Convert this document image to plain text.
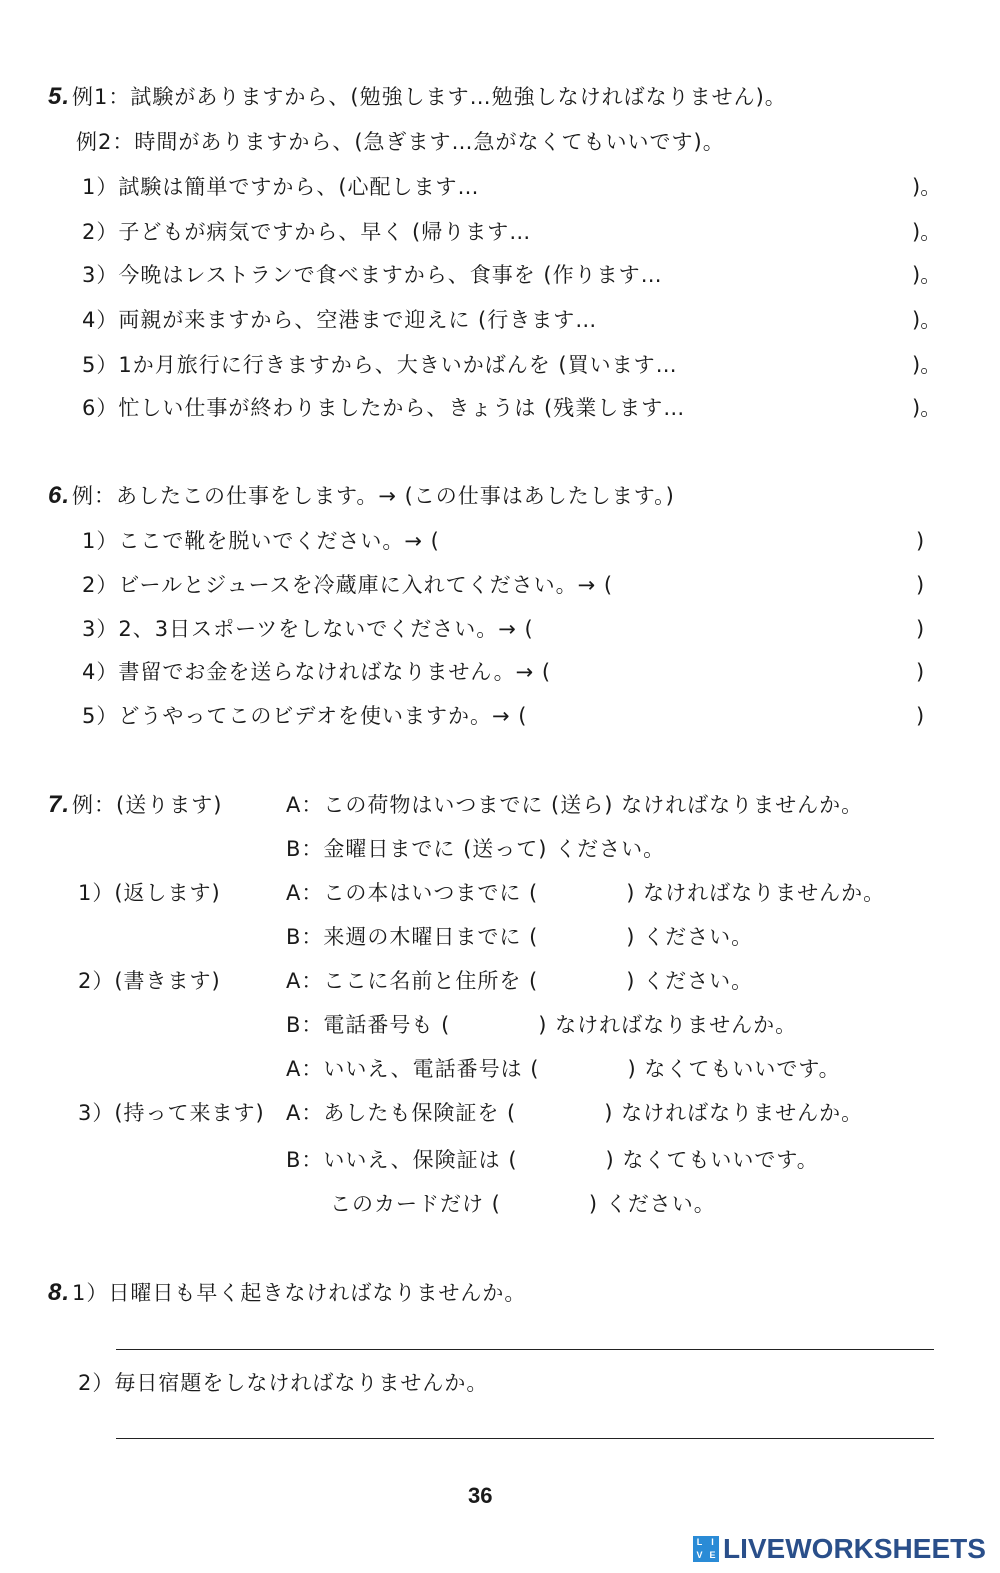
5.例1：試験がありますから、(勉強します…勉強しなければなりません)。
例2：時間がありますから、(急ぎます…急がなくてもいいです)。
1）試験は簡単ですから、(心配します…	)。
2）子どもが病気ですから、早く (帰ります…	)。
3）今晩はレストランで食べますから、食事を (作ります…	)。
4）両親が来ますから、空港まで迎えに (行きます…	)。
5）1か月旅行に行きますから、大きいかばんを (買います…	)。
6）忙しい仕事が終わりましたから、きょうは (残業します…	)。
6.例：あしたこの仕事をします。→ (この仕事はあしたします。)
1）ここで靴を脱いでください。→ (	)
2）ビールとジュースを冷蔵庫に入れてください。→ (	)
3）2、3日スポーツをしないでください。→ (	)
4）書留でお金を送らなければなりません。→ (	)
5）どうやってこのビデオを使いますか。→ (	)
7.例：(送ります)	A：この荷物はいつまでに (送ら) なければなりませんか。
B：金曜日までに (送って) ください。
1）(返します)	A：この本はいつまでに (　　　　) なければなりませんか。
B：来週の木曜日までに (　　　　) ください。
2）(書きます)	A：ここに名前と住所を (　　　　) ください。
B：電話番号も (　　　　) なければなりませんか。
A：いいえ、電話番号は (　　　　) なくてもいいです。
3）(持って来ます) A：あしたも保険証を (　　　　) なければなりませんか。
B：いいえ、保険証は (　　　　) なくてもいいです。
このカードだけ (　　　　) ください。
8.1）日曜日も早く起きなければなりませんか。
2）毎日宿題をしなければなりませんか。
36
L I
V E LIVEWORKSHEETS
